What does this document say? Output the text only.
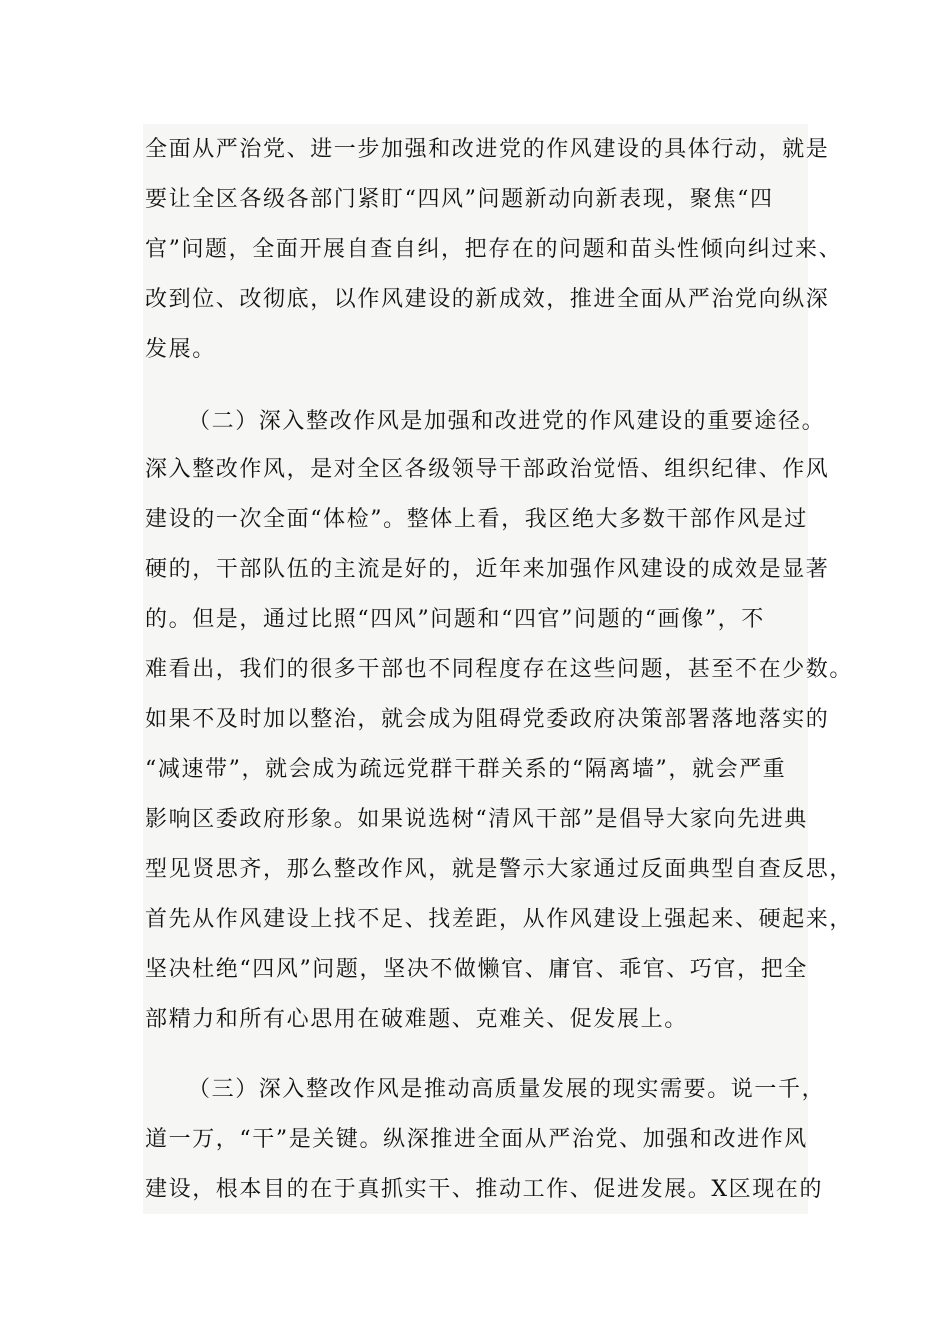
全面从严治党、进一步加强和改进党的作风建设的具体行动，就是
要让全区各级各部门紧盯“四风”问题新动向新表现，聚焦“四
官”问题，全面开展自查自纠，把存在的问题和苗头性倾向纠过来、
改到位、改彻底，以作风建设的新成效，推进全面从严治党向纵深
发展。
（二）深入整改作风是加强和改进党的作风建设的重要途径。
深入整改作风，是对全区各级领导干部政治觉悟、组织纪律、作风
建设的一次全面“体检”。整体上看，我区绝大多数干部作风是过
硬的，干部队伍的主流是好的，近年来加强作风建设的成效是显著
的。但是，通过比照“四风”问题和“四官”问题的“画像”，不
难看出，我们的很多干部也不同程度存在这些问题，甚至不在少数。
如果不及时加以整治，就会成为阻碍党委政府决策部署落地落实的
“减速带”，就会成为疏远党群干群关系的“隔离墙”，就会严重
影响区委政府形象。如果说选树“清风干部”是倡导大家向先进典
型见贤思齐，那么整改作风，就是警示大家通过反面典型自查反思，
首先从作风建设上找不足、找差距，从作风建设上强起来、硬起来，
坚决杜绝“四风”问题，坚决不做懒官、庸官、乖官、巧官，把全
部精力和所有心思用在破难题、克难关、促发展上。
（三）深入整改作风是推动高质量发展的现实需要。说一千，
道一万，“干”是关键。纵深推进全面从严治党、加强和改进作风
建设，根本目的在于真抓实干、推动工作、促进发展。X区现在的
